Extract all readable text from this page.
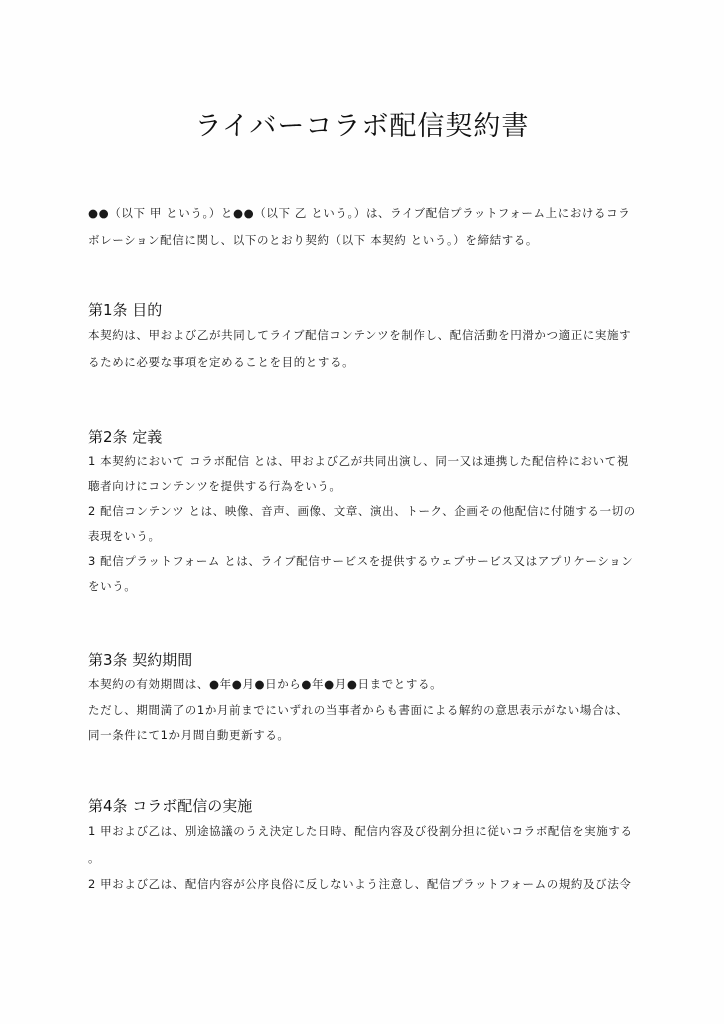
ライバーコラボ配信契約書

●●（以下 甲 という。）と●●（以下 乙 という。）は、ライブ配信プラットフォーム上におけるコラ

ボレーション配信に関し、以下のとおり契約（以下 本契約 という。）を締結する。

第1条 目的

本契約は、甲および乙が共同してライブ配信コンテンツを制作し、配信活動を円滑かつ適正に実施す

るために必要な事項を定めることを目的とする。

第2条 定義

1 本契約において コラボ配信 とは、甲および乙が共同出演し、同一又は連携した配信枠において視

聴者向けにコンテンツを提供する行為をいう。

2 配信コンテンツ とは、映像、音声、画像、文章、演出、トーク、企画その他配信に付随する一切の

表現をいう。

3 配信プラットフォーム とは、ライブ配信サービスを提供するウェブサービス又はアプリケーション

をいう。

第3条 契約期間

本契約の有効期間は、●年●月●日から●年●月●日までとする。

ただし、期間満了の1か月前までにいずれの当事者からも書面による解約の意思表示がない場合は、

同一条件にて1か月間自動更新する。

第4条 コラボ配信の実施

1 甲および乙は、別途協議のうえ決定した日時、配信内容及び役割分担に従いコラボ配信を実施する

。

2 甲および乙は、配信内容が公序良俗に反しないよう注意し、配信プラットフォームの規約及び法令
